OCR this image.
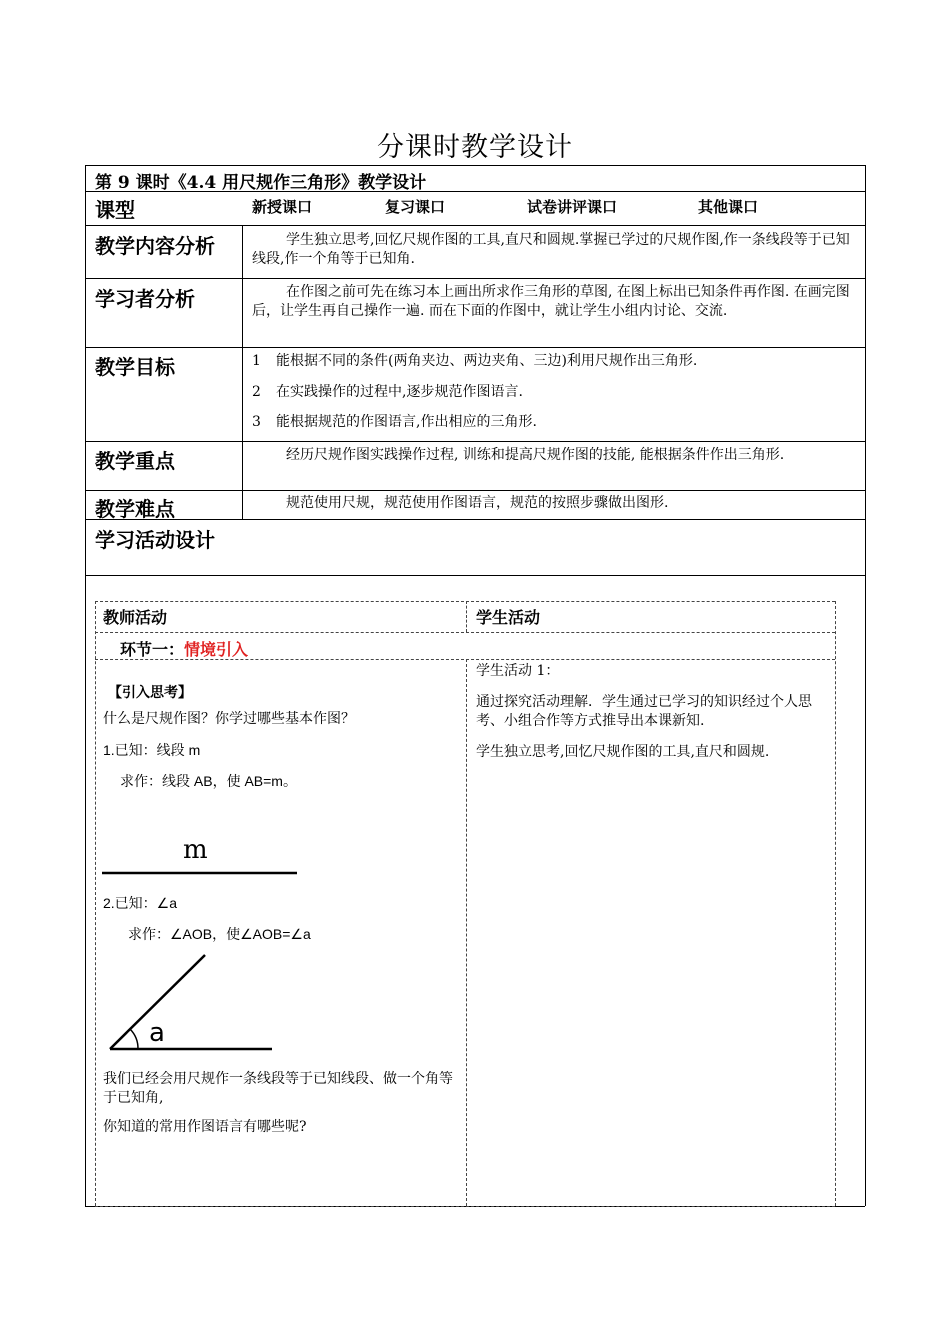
分课时教学设计
第 9 课时《4.4 用尺规作三角形》教学设计
课型	新授课口	复习课口	试卷讲评课口	其他课口
教学内容分析	学生独立思考,回忆尺规作图的工具,直尺和圆规.掌握已学过的尺规作图,作一条线段等于已知线段,作一个角等于已知角.
学习者分析	在作图之前可先在练习本上画出所求作三角形的草图, 在图上标出已知条件再作图. 在画完图后，让学生再自己操作一遍. 而在下面的作图中，就让学生小组内讨论、交流.
教学目标	1 能根据不同的条件(两角夹边、两边夹角、三边)利用尺规作出三角形.
2 在实践操作的过程中,逐步规范作图语言.
3 能根据规范的作图语言,作出相应的三角形.
教学重点	经历尺规作图实践操作过程, 训练和提高尺规作图的技能, 能根据条件作出三角形.
教学难点	规范使用尺规，规范使用作图语言，规范的按照步骤做出图形.
学习活动设计
教师活动	学生活动
环节一：情境引入
【引入思考】
什么是尺规作图？你学过哪些基本作图？
1.已知：线段 m
求作：线段 AB，使 AB=m。
m
2.已知：∠a
求作：∠AOB，使∠AOB=∠a
a
我们已经会用尺规作一条线段等于已知线段、做一个角等于已知角,
你知道的常用作图语言有哪些呢?
学生活动 1：
通过探究活动理解．学生通过已学习的知识经过个人思考、小组合作等方式推导出本课新知.
学生独立思考,回忆尺规作图的工具,直尺和圆规.
